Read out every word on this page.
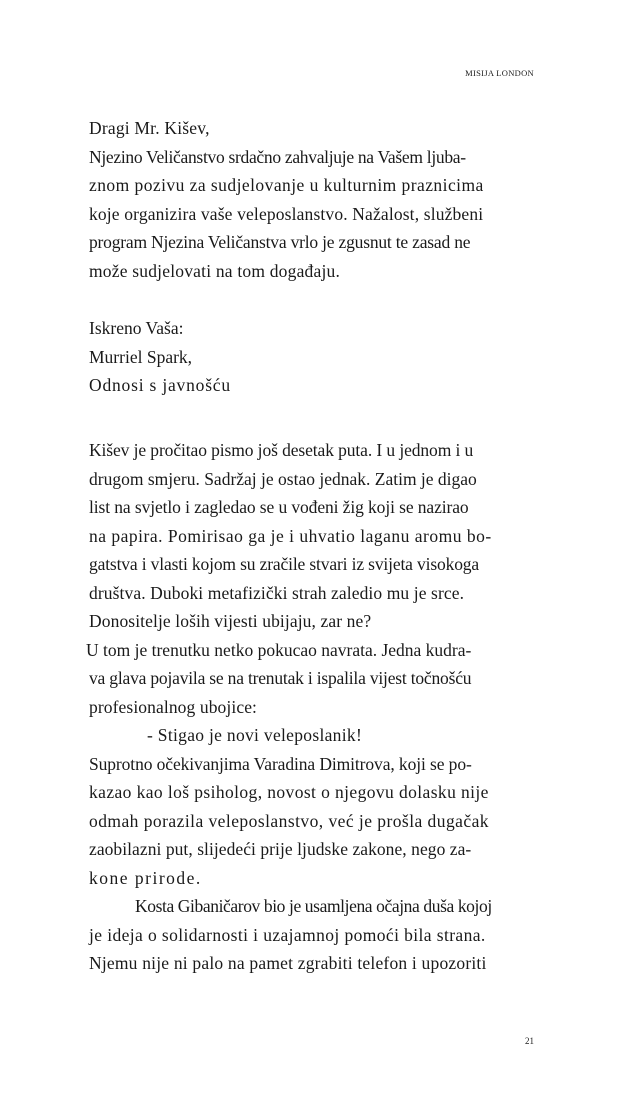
MISIJA LONDON
Dragi Mr. Kišev,
Njezino Veličanstvo srdačno zahvaljuje na Vašem ljuba-
znom pozivu za sudjelovanje u kulturnim praznicima
koje organizira vaše veleposlanstvo. Nažalost, službeni
program Njezina Veličanstva vrlo je zgusnut te zasad ne
može sudjelovati na tom događaju.
Iskreno Vaša:
Murriel Spark,
Odnosi s javnošću
Kišev je pročitao pismo još desetak puta. I u jednom i u
drugom smjeru. Sadržaj je ostao jednak. Zatim je digao
list na svjetlo i zagledao se u vođeni žig koji se nazirao
na papira. Pomirisao ga je i uhvatio laganu aromu bo-
gatstva i vlasti kojom su zračile stvari iz svijeta visokoga
društva. Duboki metafizički strah zaledio mu je srce.
Donositelje loših vijesti ubijaju, zar ne?
U tom je trenutku netko pokucao navrata. Jedna kudra-
va glava pojavila se na trenutak i ispalila vijest točnošću
profesionalnog ubojice:
- Stigao je novi veleposlanik!
Suprotno očekivanjima Varadina Dimitrova, koji se po-
kazao kao loš psiholog, novost o njegovu dolasku nije
odmah porazila veleposlanstvo, već je prošla dugačak
zaobilazni put, slijedeći prije ljudske zakone, nego za-
kone prirode.
Kosta Gibaničarov bio je usamljena očajna duša kojoj
je ideja o solidarnosti i uzajamnoj pomoći bila strana.
Njemu nije ni palo na pamet zgrabiti telefon i upozoriti
21
